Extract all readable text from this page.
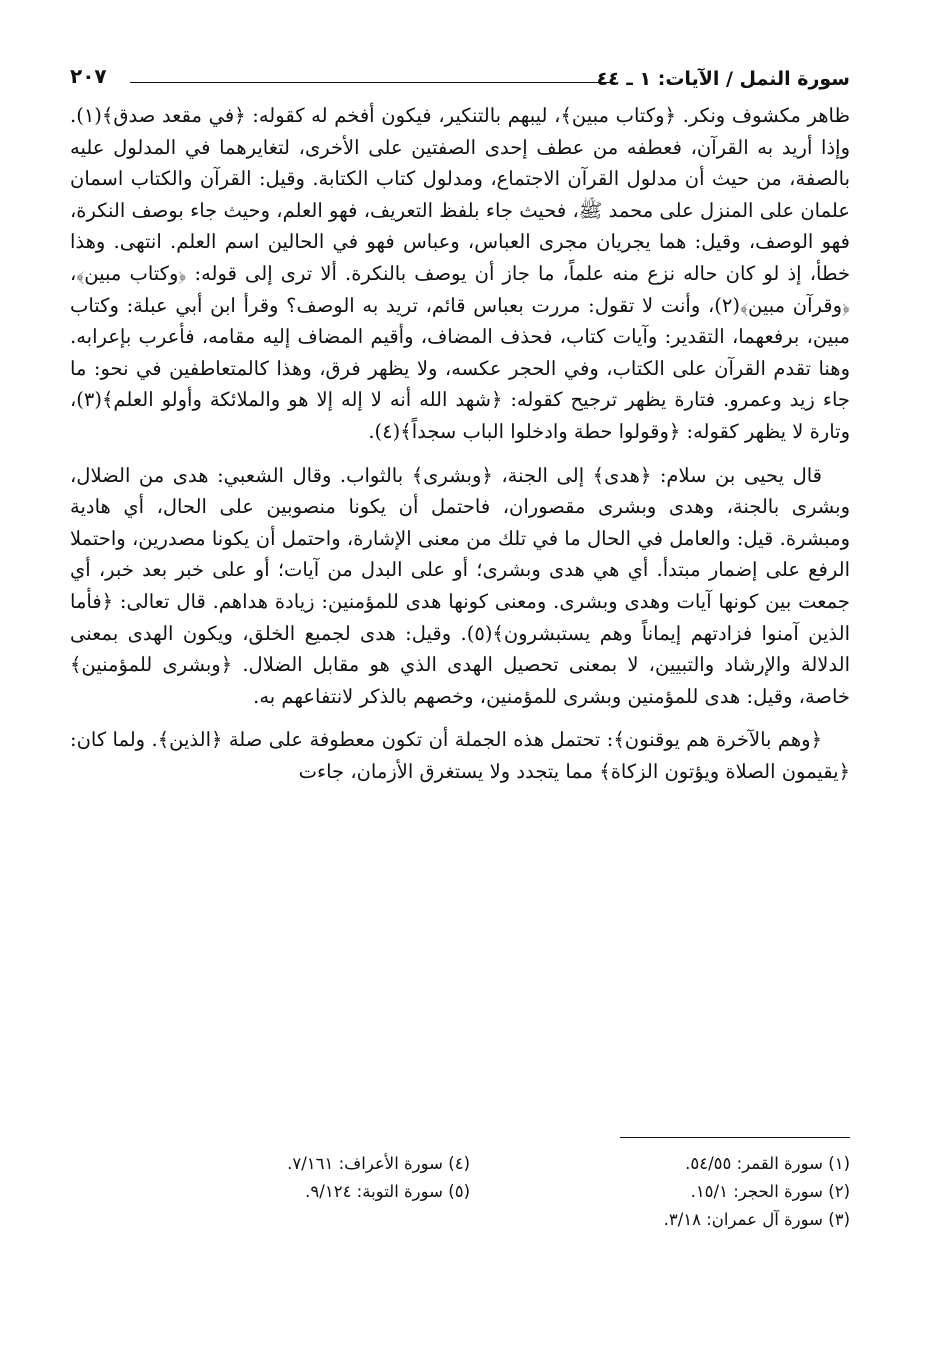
سورة النمل / الآيات: ١ ـ ٤٤
٢٠٧

ظاهر مكشوف ونكر. ﴿وكتاب مبين﴾، ليبهم بالتنكير، فيكون أفخم له كقوله: ﴿في مقعد صدق﴾(١). وإذا أريد به القرآن، فعطفه من عطف إحدى الصفتين على الأخرى، لتغايرهما في المدلول عليه بالصفة، من حيث أن مدلول القرآن الاجتماع، ومدلول كتاب الكتابة. وقيل: القرآن والكتاب اسمان علمان على المنزل على محمد ﷺ، فحيث جاء بلفظ التعريف، فهو العلم، وحيث جاء بوصف النكرة، فهو الوصف، وقيل: هما يجريان مجرى العباس، وعباس فهو في الحالين اسم العلم. انتهى. وهذا خطأ، إذ لو كان حاله نزع منه علماً، ما جاز أن يوصف بالنكرة. ألا ترى إلى قوله: ﴿وكتاب مبين﴾، ﴿وقرآن مبين﴾(٢)، وأنت لا تقول: مررت بعباس قائم، تريد به الوصف؟ وقرأ ابن أبي عبلة: وكتاب مبين، برفعهما، التقدير: وآيات كتاب، فحذف المضاف، وأقيم المضاف إليه مقامه، فأعرب بإعرابه. وهنا تقدم القرآن على الكتاب، وفي الحجر عكسه، ولا يظهر فرق، وهذا كالمتعاطفين في نحو: ما جاء زيد وعمرو. فتارة يظهر ترجيح كقوله: ﴿شهد الله أنه لا إله إلا هو والملائكة وأولو العلم﴾(٣)، وتارة لا يظهر كقوله: ﴿وقولوا حطة وادخلوا الباب سجداً﴾(٤).

قال يحيى بن سلام: ﴿هدى﴾ إلى الجنة، ﴿وبشرى﴾ بالثواب. وقال الشعبي: هدى من الضلال، وبشرى بالجنة، وهدى وبشرى مقصوران، فاحتمل أن يكونا منصوبين على الحال، أي هادية ومبشرة. قيل: والعامل في الحال ما في تلك من معنى الإشارة، واحتمل أن يكونا مصدرين، واحتملا الرفع على إضمار مبتدأ. أي هي هدى وبشرى؛ أو على البدل من آيات؛ أو على خبر بعد خبر، أي جمعت بين كونها آيات وهدى وبشرى. ومعنى كونها هدى للمؤمنين: زيادة هداهم. قال تعالى: ﴿فأما الذين آمنوا فزادتهم إيماناً وهم يستبشرون﴾(٥). وقيل: هدى لجميع الخلق، ويكون الهدى بمعنى الدلالة والإرشاد والتبيين، لا بمعنى تحصيل الهدى الذي هو مقابل الضلال. ﴿وبشرى للمؤمنين﴾ خاصة، وقيل: هدى للمؤمنين وبشرى للمؤمنين، وخصهم بالذكر لانتفاعهم به.

﴿وهم بالآخرة هم يوقنون﴾: تحتمل هذه الجملة أن تكون معطوفة على صلة ﴿الذين﴾. ولما كان: ﴿يقيمون الصلاة ويؤتون الزكاة﴾ مما يتجدد ولا يستغرق الأزمان، جاءت

(١) سورة القمر: ٥٤/٥٥.
(٢) سورة الحجر: ١٥/١.
(٣) سورة آل عمران: ٣/١٨.
(٤) سورة الأعراف: ٧/١٦١.
(٥) سورة التوبة: ٩/١٢٤.
